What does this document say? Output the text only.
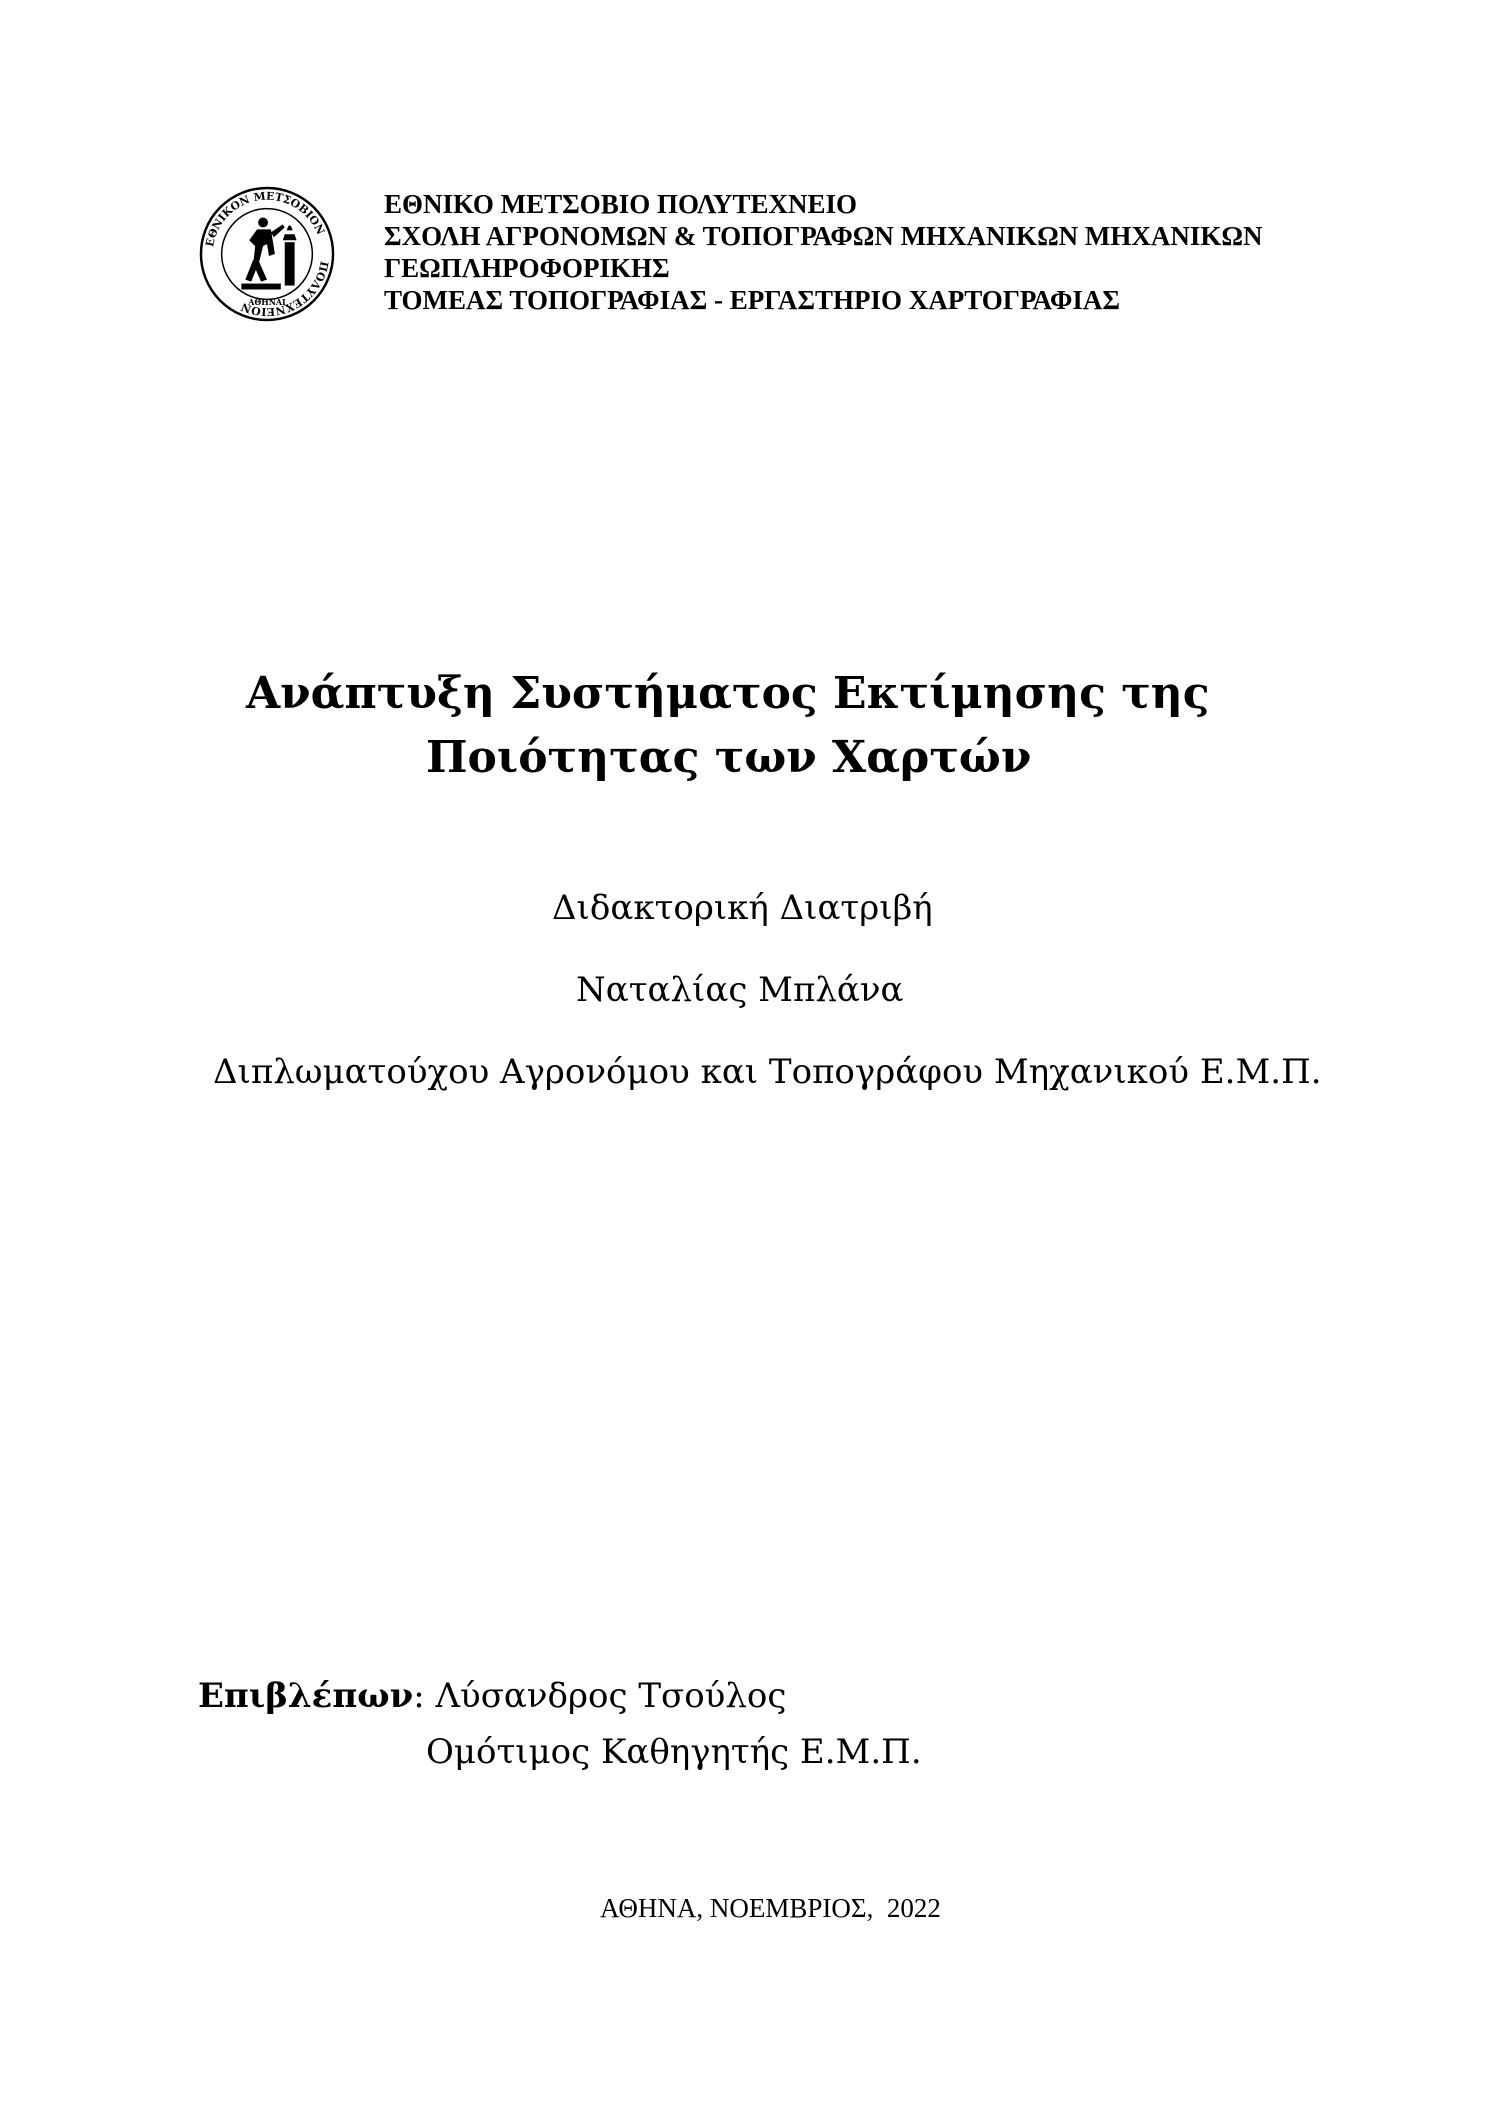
ΕΘΝΙΚΟΝ ΜΕΤΣΟΒΙΟΝ
ΠΟΛΥΤΕΧΝΕΙΟΝ
ΑΘΗΝΑΙ
ΕΘΝΙΚΟ ΜΕΤΣΟΒΙΟ ΠΟΛΥΤΕΧΝΕΙΟ
ΣΧΟΛΗ ΑΓΡΟΝΟΜΩΝ & ΤΟΠΟΓΡΑΦΩΝ ΜΗΧΑΝΙΚΩΝ ΜΗΧΑΝΙΚΩΝ
ΓΕΩΠΛΗΡΟΦΟΡΙΚΗΣ
ΤΟΜΕΑΣ ΤΟΠΟΓΡΑΦΙΑΣ - ΕΡΓΑΣΤΗΡΙΟ ΧΑΡΤΟΓΡΑΦΙΑΣ
Ανάπτυξη Συστήματος Εκτίμησης της
Ποιότητας των Χαρτών
Διδακτορική Διατριβή
Ναταλίας Μπλάνα
Διπλωματούχου Αγρονόμου και Τοπογράφου Μηχανικού Ε.Μ.Π.
Επιβλέπων: Λύσανδρος Τσούλος
Ομότιμος Καθηγητής Ε.Μ.Π.
ΑΘΗΝΑ, ΝΟΕΜΒΡΙΟΣ,  2022
